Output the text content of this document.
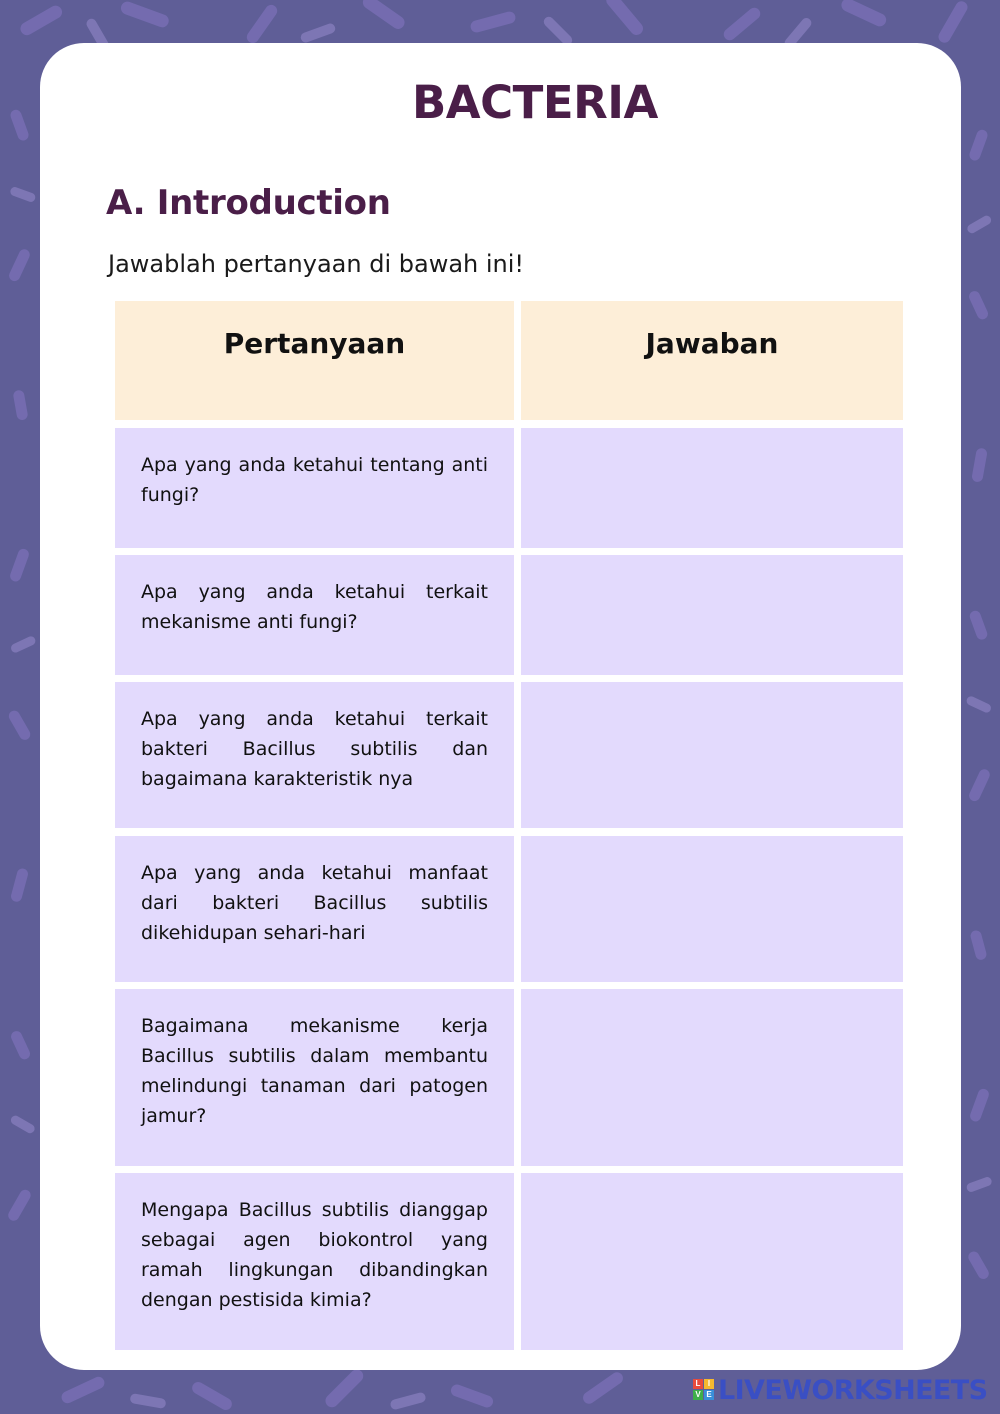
BACTERIA
A. Introduction

Jawablah pertanyaan di bawah ini!

Pertanyaan	Jawaban
Apa yang anda ketahui tentang anti fungi?
Apa yang anda ketahui terkait mekanisme anti fungi?
Apa yang anda ketahui terkait bakteri Bacillus subtilis dan bagaimana karakteristik nya
Apa yang anda ketahui manfaat dari bakteri Bacillus subtilis dikehidupan sehari-hari
Bagaimana mekanisme kerja Bacillus subtilis dalam membantu melindungi tanaman dari patogen jamur?
Mengapa Bacillus subtilis dianggap sebagai agen biokontrol yang ramah lingkungan dibandingkan dengan pestisida kimia?
L I
V E LIVEWORKSHEETS
